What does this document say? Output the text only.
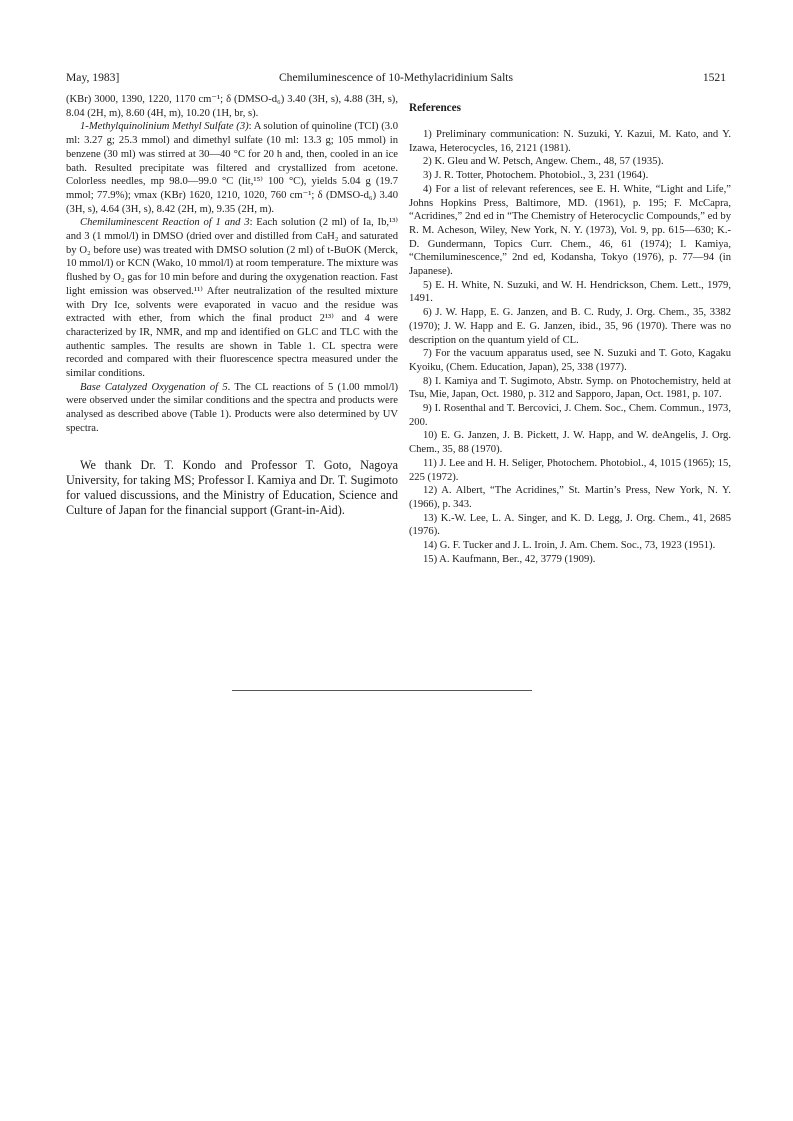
Chemiluminescence of 10-Methylacridinium Salts
May, 1983]	1521

(KBr) 3000, 1390, 1220, 1170 cm⁻¹; δ (DMSO-d₆) 3.40 (3H, s), 4.88 (3H, s), 8.04 (2H, m), 8.60 (4H, m), 10.20 (1H, br, s).

1-Methylquinolinium Methyl Sulfate (3): A solution of quinoline (TCI) (3.0 ml: 3.27 g; 25.3 mmol) and dimethyl sulfate (10 ml: 13.3 g; 105 mmol) in benzene (30 ml) was stirred at 30—40 °C for 20 h and, then, cooled in an ice bath. Resulted precipitate was filtered and crystallized from acetone. Colorless needles, mp 98.0—99.0 °C (lit,¹⁵⁾ 100 °C), yields 5.04 g (19.7 mmol; 77.9%); νmax (KBr) 1620, 1210, 1020, 760 cm⁻¹; δ (DMSO-d₆) 3.40 (3H, s), 4.64 (3H, s), 8.42 (2H, m), 9.35 (2H, m).

Chemiluminescent Reaction of 1 and 3: Each solution (2 ml) of Ia, Ib,¹³⁾ and 3 (1 mmol/l) in DMSO (dried over and distilled from CaH₂ and saturated by O₂ before use) was treated with DMSO solution (2 ml) of t-BuOK (Merck, 10 mmol/l) or KCN (Wako, 10 mmol/l) at room temperature. The mixture was flushed by O₂ gas for 10 min before and during the oxygenation reaction. Fast light emission was observed.¹¹⁾ After neutralization of the resulted mixture with Dry Ice, solvents were evaporated in vacuo and the residue was extracted with ether, from which the final product 2¹³⁾ and 4 were characterized by IR, NMR, and mp and identified on GLC and TLC with the authentic samples. The results are shown in Table 1. CL spectra were recorded and compared with their fluorescence spectra measured under the similar conditions.

Base Catalyzed Oxygenation of 5. The CL reactions of 5 (1.00 mmol/l) were observed under the similar conditions and the spectra and products were analysed as described above (Table 1). Products were also determined by UV spectra.

We thank Dr. T. Kondo and Professor T. Goto, Nagoya University, for taking MS; Professor I. Kamiya and Dr. T. Sugimoto for valued discussions, and the Ministry of Education, Science and Culture of Japan for the financial support (Grant-in-Aid).

References

1) Preliminary communication: N. Suzuki, Y. Kazui, M. Kato, and Y. Izawa, Heterocycles, 16, 2121 (1981).

2) K. Gleu and W. Petsch, Angew. Chem., 48, 57 (1935).

3) J. R. Totter, Photochem. Photobiol., 3, 231 (1964).

4) For a list of relevant references, see E. H. White, “Light and Life,” Johns Hopkins Press, Baltimore, MD. (1961), p. 195; F. McCapra, “Acridines,” 2nd ed in “The Chemistry of Heterocyclic Compounds,” ed by R. M. Acheson, Wiley, New York, N. Y. (1973), Vol. 9, pp. 615—630; K.-D. Gundermann, Topics Curr. Chem., 46, 61 (1974); I. Kamiya, “Chemiluminescence,” 2nd ed, Kodansha, Tokyo (1976), p. 77—94 (in Japanese).

5) E. H. White, N. Suzuki, and W. H. Hendrickson, Chem. Lett., 1979, 1491.

6) J. W. Happ, E. G. Janzen, and B. C. Rudy, J. Org. Chem., 35, 3382 (1970); J. W. Happ and E. G. Janzen, ibid., 35, 96 (1970). There was no description on the quantum yield of CL.

7) For the vacuum apparatus used, see N. Suzuki and T. Goto, Kagaku Kyoiku, (Chem. Education, Japan), 25, 338 (1977).

8) I. Kamiya and T. Sugimoto, Abstr. Symp. on Photochemistry, held at Tsu, Mie, Japan, Oct. 1980, p. 312 and Sapporo, Japan, Oct. 1981, p. 107.

9) I. Rosenthal and T. Bercovici, J. Chem. Soc., Chem. Commun., 1973, 200.

10) E. G. Janzen, J. B. Pickett, J. W. Happ, and W. deAngelis, J. Org. Chem., 35, 88 (1970).

11) J. Lee and H. H. Seliger, Photochem. Photobiol., 4, 1015 (1965); 15, 225 (1972).

12) A. Albert, “The Acridines,” St. Martin’s Press, New York, N. Y. (1966), p. 343.

13) K.-W. Lee, L. A. Singer, and K. D. Legg, J. Org. Chem., 41, 2685 (1976).

14) G. F. Tucker and J. L. Iroin, J. Am. Chem. Soc., 73, 1923 (1951).

15) A. Kaufmann, Ber., 42, 3779 (1909).
